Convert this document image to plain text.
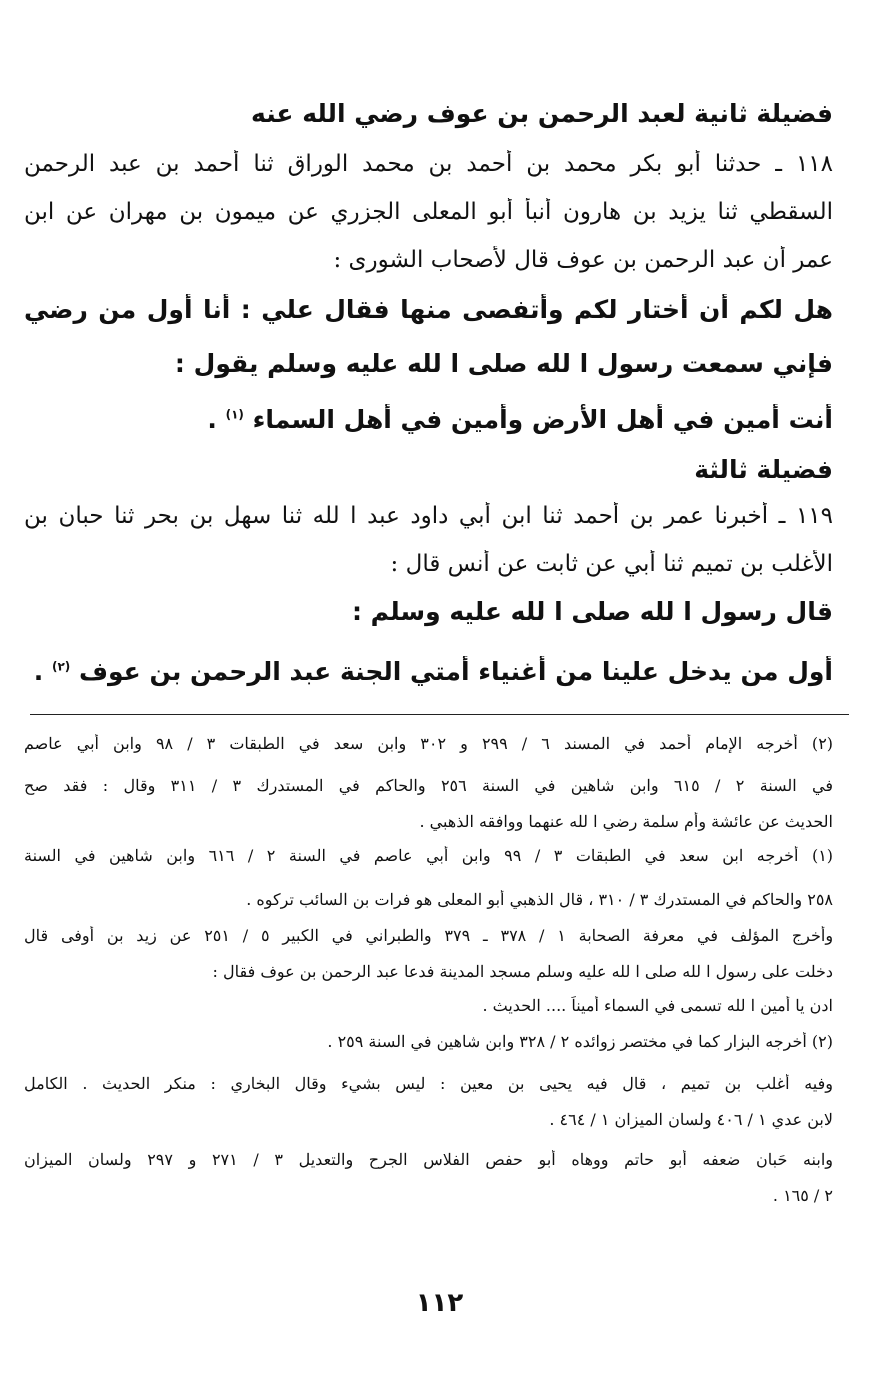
فضيلة ثانية لعبد الرحمن بن عوف رضي الله عنه
١١٨ ـ حدثنا أبو بكر محمد بن أحمد بن محمد الوراق ثنا أحمد بن عبد الرحمن
السقطي ثنا يزيد بن هارون أنبأ أبو المعلى الجزري عن ميمون بن مهران عن ابن
عمر أن عبد الرحمن بن عوف قال لأصحاب الشورى :
هل لكم أن أختار لكم وأتفصى منها فقال علي : أنا أول من رضي
فإني سمعت رسول ا لله صلى ا لله عليه وسلم يقول :
أنت أمين في أهل الأرض وأمين في أهل السماء $^{(١)}$ .
فضيلة ثالثة
١١٩ ـ أخبرنا عمر بن أحمد ثنا ابن أبي داود عبد ا لله ثنا سهل بن بحر ثنا حبان بن
الأغلب بن تميم ثنا أبي عن ثابت عن أنس قال :
قال رسول ا لله صلى ا لله عليه وسلم :
أول من يدخل علينا من أغنياء أمتي الجنة عبد الرحمن بن عوف $^{(٢)}$ .
(٢) أخرجه الإمام أحمد في المسند ٦ / ٢٩٩ و ٣٠٢ وابن سعد في الطبقات ٣ / ٩٨ وابن أبي عاصم
في السنة ٢ / ٦١٥ وابن شاهين في السنة ٢٥٦ والحاكم في المستدرك ٣ / ٣١١ وقال : فقد صح
الحديث عن عائشة وأم سلمة رضي ا لله عنهما ووافقه الذهبي .
(١) أخرجه ابن سعد في الطبقات ٣ / ٩٩ وابن أبي عاصم في السنة ٢ / ٦١٦ وابن شاهين في السنة
٢٥٨ والحاكم في المستدرك ٣ / ٣١٠ ، قال الذهبي أبو المعلى هو فرات بن السائب تركوه .
وأخرج المؤلف في معرفة الصحابة ١ / ٣٧٨ ـ ٣٧٩ والطبراني في الكبير ٥ / ٢٥١ عن زيد بن أوفى قال
دخلت على رسول ا لله صلى ا لله عليه وسلم مسجد المدينة فدعا عبد الرحمن بن عوف فقال :
ادن يا أمين ا لله تسمى في السماء أميناً .... الحديث .
(٢) أخرجه البزار كما في مختصر زوائده ٢ / ٣٢٨ وابن شاهين في السنة ٢٥٩ .
وفيه أغلب بن تميم ، قال فيه يحيى بن معين : ليس بشيء وقال البخاري : منكر الحديث . الكامل
لابن عدي ١ / ٤٠٦ ولسان الميزان ١ / ٤٦٤ .
وابنه حَبان ضعفه أبو حاتم ووهاه أبو حفص الفلاس الجرح والتعديل ٣ / ٢٧١ و ٢٩٧ ولسان الميزان
٢ / ١٦٥ .
١١٢
